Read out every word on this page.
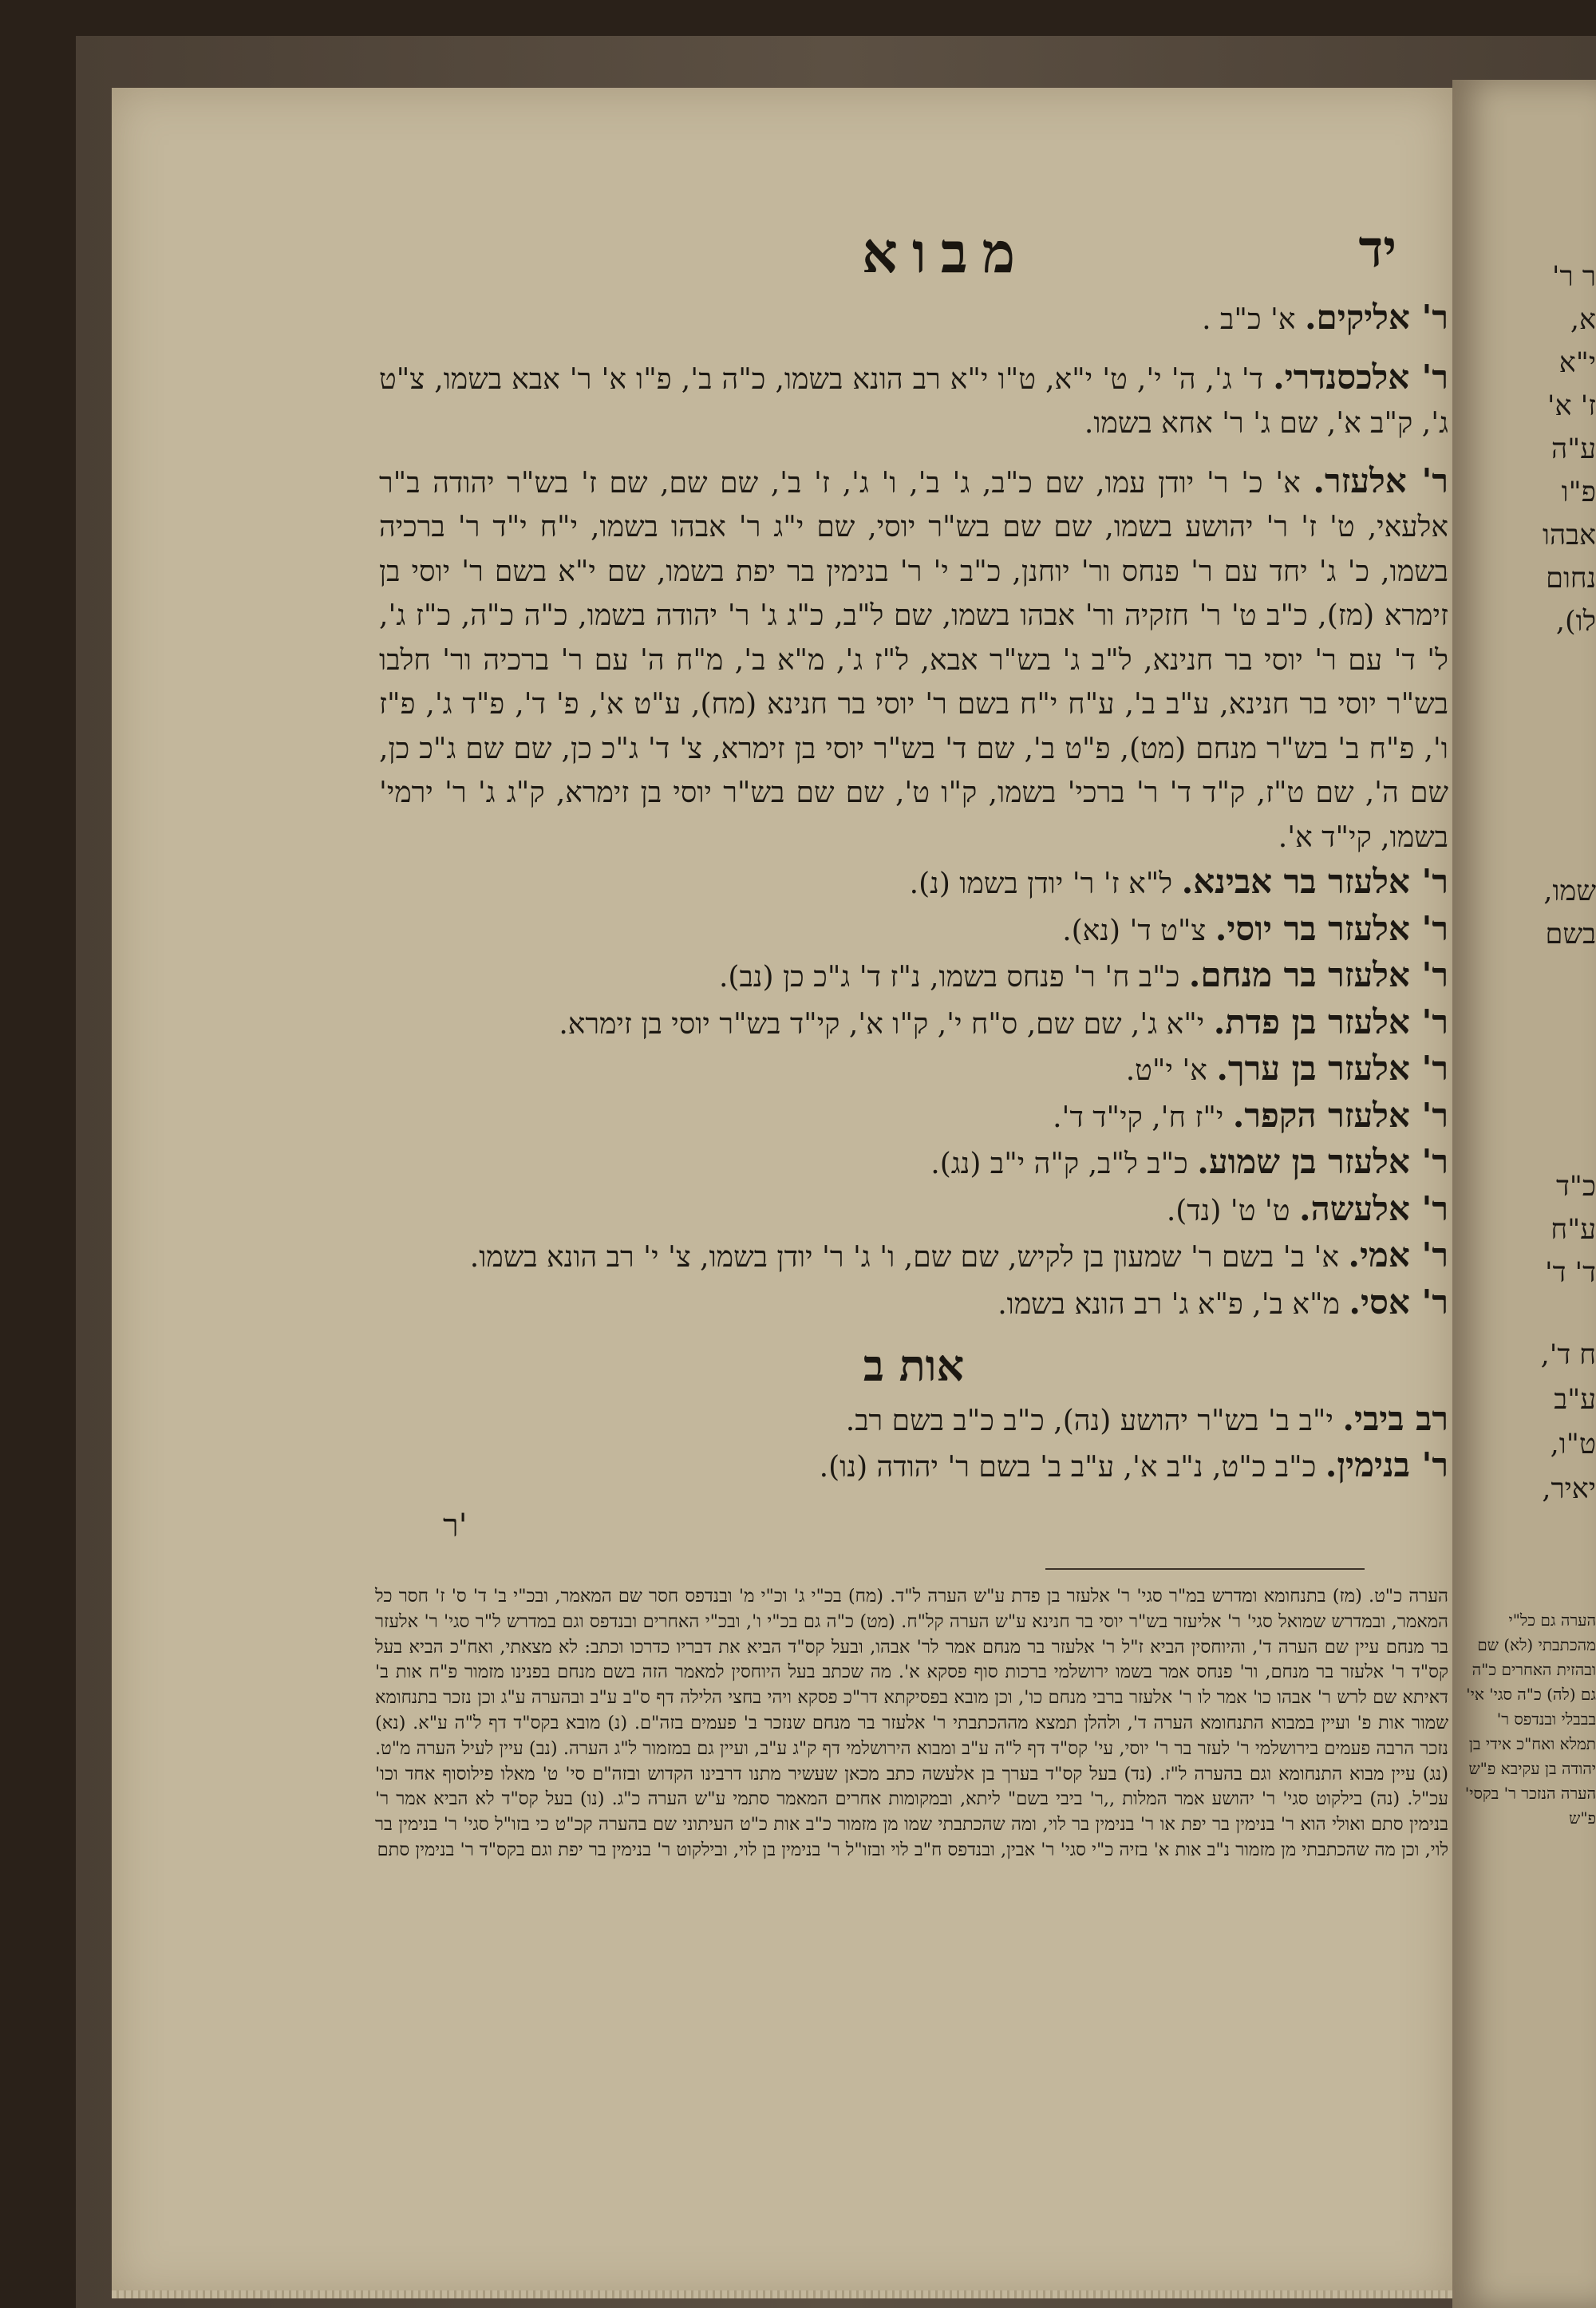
ר ר'
א,
י"א
ז' א'
ע"ה
פ"ו
אבהו
נחום
לו),
שמו,
בשם
כ"ד
ע"ח
ד' ד'
ח ד',
ע"ב
ט"ו,
יאיר,
הערה גם כל"י מהכתבתי (לא) שם ובהזית האחרים כ"ה גם (לה) כ"ה סגי' אי' בבבלי ובנדפס ר' תמלא ואח"כ אידי בן יהודה בן עקיבא פ"ש הערה הנזכר ר' בקסי' פ"ש
יד
מבוא

ר' אליקים. א' כ"ב .

ר' אלכסנדרי. ד' ג', ה' י', ט' י"א, ט"ו י"א רב הונא בשמו, כ"ה ב', פ"ו א' ר' אבא בשמו, צ"ט ג', ק"ב א', שם ג' ר' אחא בשמו.

ר' אלעזר. א' כ' ר' יודן עמו, שם כ"ב, ג' ב', ו' ג', ז' ב', שם שם, שם ז' בש"ר יהודה ב"ר אלעאי, ט' ז' ר' יהושע בשמו, שם שם בש"ר יוסי, שם י"ג ר' אבהו בשמו, י"ח י"ד ר' ברכיה בשמו, כ' ג' יחד עם ר' פנחס ור' יוחנן, כ"ב י' ר' בנימין בר יפת בשמו, שם י"א בשם ר' יוסי בן זימרא (מז), כ"ב ט' ר' חזקיה ור' אבהו בשמו, שם ל"ב, כ"ג ג' ר' יהודה בשמו, כ"ה כ"ה, כ"ז ג', ל' ד' עם ר' יוסי בר חנינא, ל"ב ג' בש"ר אבא, ל"ז ג', מ"א ב', מ"ח ה' עם ר' ברכיה ור' חלבו בש"ר יוסי בר חנינא, ע"ב ב', ע"ח י"ח בשם ר' יוסי בר חנינא (מח), ע"ט א', פ' ד', פ"ד ג', פ"ז ו', פ"ח ב' בש"ר מנחם (מט), פ"ט ב', שם ד' בש"ר יוסי בן זימרא, צ' ד' ג"כ כן, שם שם ג"כ כן, שם ה', שם ט"ז, ק"ד ד' ר' ברכי' בשמו, ק"ו ט', שם שם בש"ר יוסי בן זימרא, ק"ג ג' ר' ירמי' בשמו, קי"ד א'.

ר' אלעזר בר אבינא. ל"א ז' ר' יודן בשמו (נ).

ר' אלעזר בר יוסי. צ"ט ד' (נא).

ר' אלעזר בר מנחם. כ"ב ח' ר' פנחס בשמו, נ"ז ד' ג"כ כן (נב).

ר' אלעזר בן פדת. י"א ג', שם שם, ס"ח י', ק"ו א', קי"ד בש"ר יוסי בן זימרא.

ר' אלעזר בן ערך. א' י"ט.

ר' אלעזר הקפר. י"ז ח', קי"ד ד'.

ר' אלעזר בן שמוע. כ"ב ל"ב, ק"ה י"ב (נג).

ר' אלעשה. ט' ט' (נד).

ר' אמי. א' ב' בשם ר' שמעון בן לקיש, שם שם, ו' ג' ר' יודן בשמו, צ' י' רב הונא בשמו.

ר' אסי. מ"א ב', פ"א ג' רב הונא בשמו.

אות ב

רב ביבי. י"ב ב' בש"ר יהושע (נה), כ"ב כ"ב בשם רב.

ר' בנימין. כ"ב כ"ט, נ"ב א', ע"ב ב' בשם ר' יהודה (נו).

ר'
הערה כ"ט. (מז) בתנחומא ומדרש במ"ר סגי' ר' אלעזר בן פדת ע"ש הערה ל"ד. (מח) בכ"י ג' וכ"י מ' ובנדפס חסר שם המאמר, ובכ"י ב' ד' ס' ז' חסר כל המאמר, ובמדרש שמואל סגי' ר' אליעזר בש"ר יוסי בר חנינא ע"ש הערה קל"ח. (מט) כ"ה גם בכ"י ו', ובכ"י האחרים ובנדפס וגם במדרש ל"ר סגי' ר' אלעזר בר מנחם עיין שם הערה ד', והיוחסין הביא ז"ל ר' אלעזר בר מנחם אמר לר' אבהו, ובעל קס"ד הביא את דבריו כדרכו וכתב: לא מצאתי, ואח"כ הביא בעל קס"ד ר' אלעזר בר מנחם, ור' פנחס אמר בשמו ירושלמי ברכות סוף פסקא א'. מה שכתב בעל היוחסין למאמר הזה בשם מנחם בפנינו מזמור פ"ח אות ב' דאיתא שם לרש ר' אבהו כו' אמר לו ר' אלעזר ברבי מנחם כו', וכן מובא בפסיקתא דר"כ פסקא ויהי בחצי הלילה דף ס"ב ע"ב ובהערה ע"ג וכן נזכר בתנחומא שמור אות פ' ועיין במבוא התנחומא הערה ד', ולהלן תמצא מההכתבתי ר' אלעזר בר מנחם שנזכר ב' פעמים בזה"ם. (נ) מובא בקס"ד דף ל"ה ע"א. (נא) נזכר הרבה פעמים בירושלמי ר' לעזר בר ר' יוסי, עי' קס"ד דף ל"ה ע"ב ומבוא הירושלמי דף ק"ג ע"ב, ועיין גם במזמור ל"ג הערה. (נב) עיין לעיל הערה מ"ט. (נג) עיין מבוא התנחומא וגם בהערה ל"ז. (נד) בעל קס"ד בערך בן אלעשה כתב מכאן שעשיר מתנו דרבינו הקדוש ובזה"ם סי' ט' מאלו פילוסוף אחד וכו' עכ"ל. (נה) בילקוט סגי' ר' יהושע אמר המלות ,,ר' ביבי בשם" ליתא, ובמקומות אחרים המאמר סתמי ע"ש הערה כ"ג. (נו) בעל קס"ד לא הביא אמר ר' בנימין סתם ואולי הוא ר' בנימין בר יפת או ר' בנימין בר לוי, ומה שהכתבתי שמו מן מזמור כ"ב אות כ"ט העיתוני שם בהערה קכ"ט כי בזו"ל סגי' ר' בנימין בר לוי, וכן מה שהכתבתי מן מזמור נ"ב אות א' בזיה כ"י סגי' ר' אבין, ובנדפס ח"ב לוי ובזו"ל ר' בנימין בן לוי, ובילקוט ר' בנימין בר יפת וגם בקס"ד ר' בנימין סתם
